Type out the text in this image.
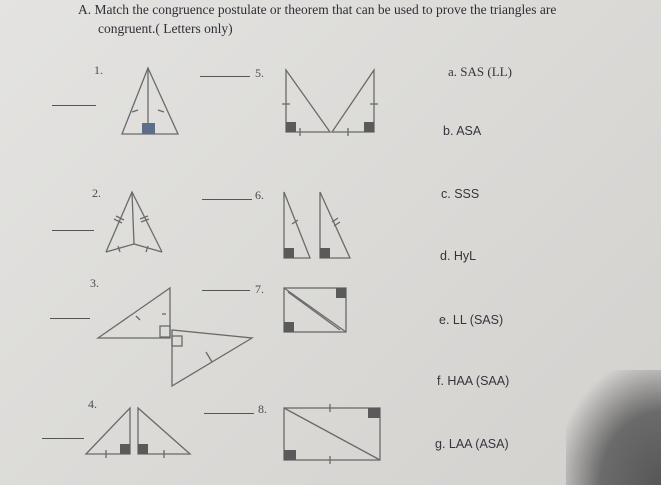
A. Match the congruence postulate or theorem that can be used to prove the triangles are
congruent.( Letters only)
1.
2.
3.
4.
5.
6.
7.
8.
a. SAS (LL)
b. ASA
c. SSS
d. HyL
e. LL (SAS)
f. HAA (SAA)
g. LAA (ASA)
